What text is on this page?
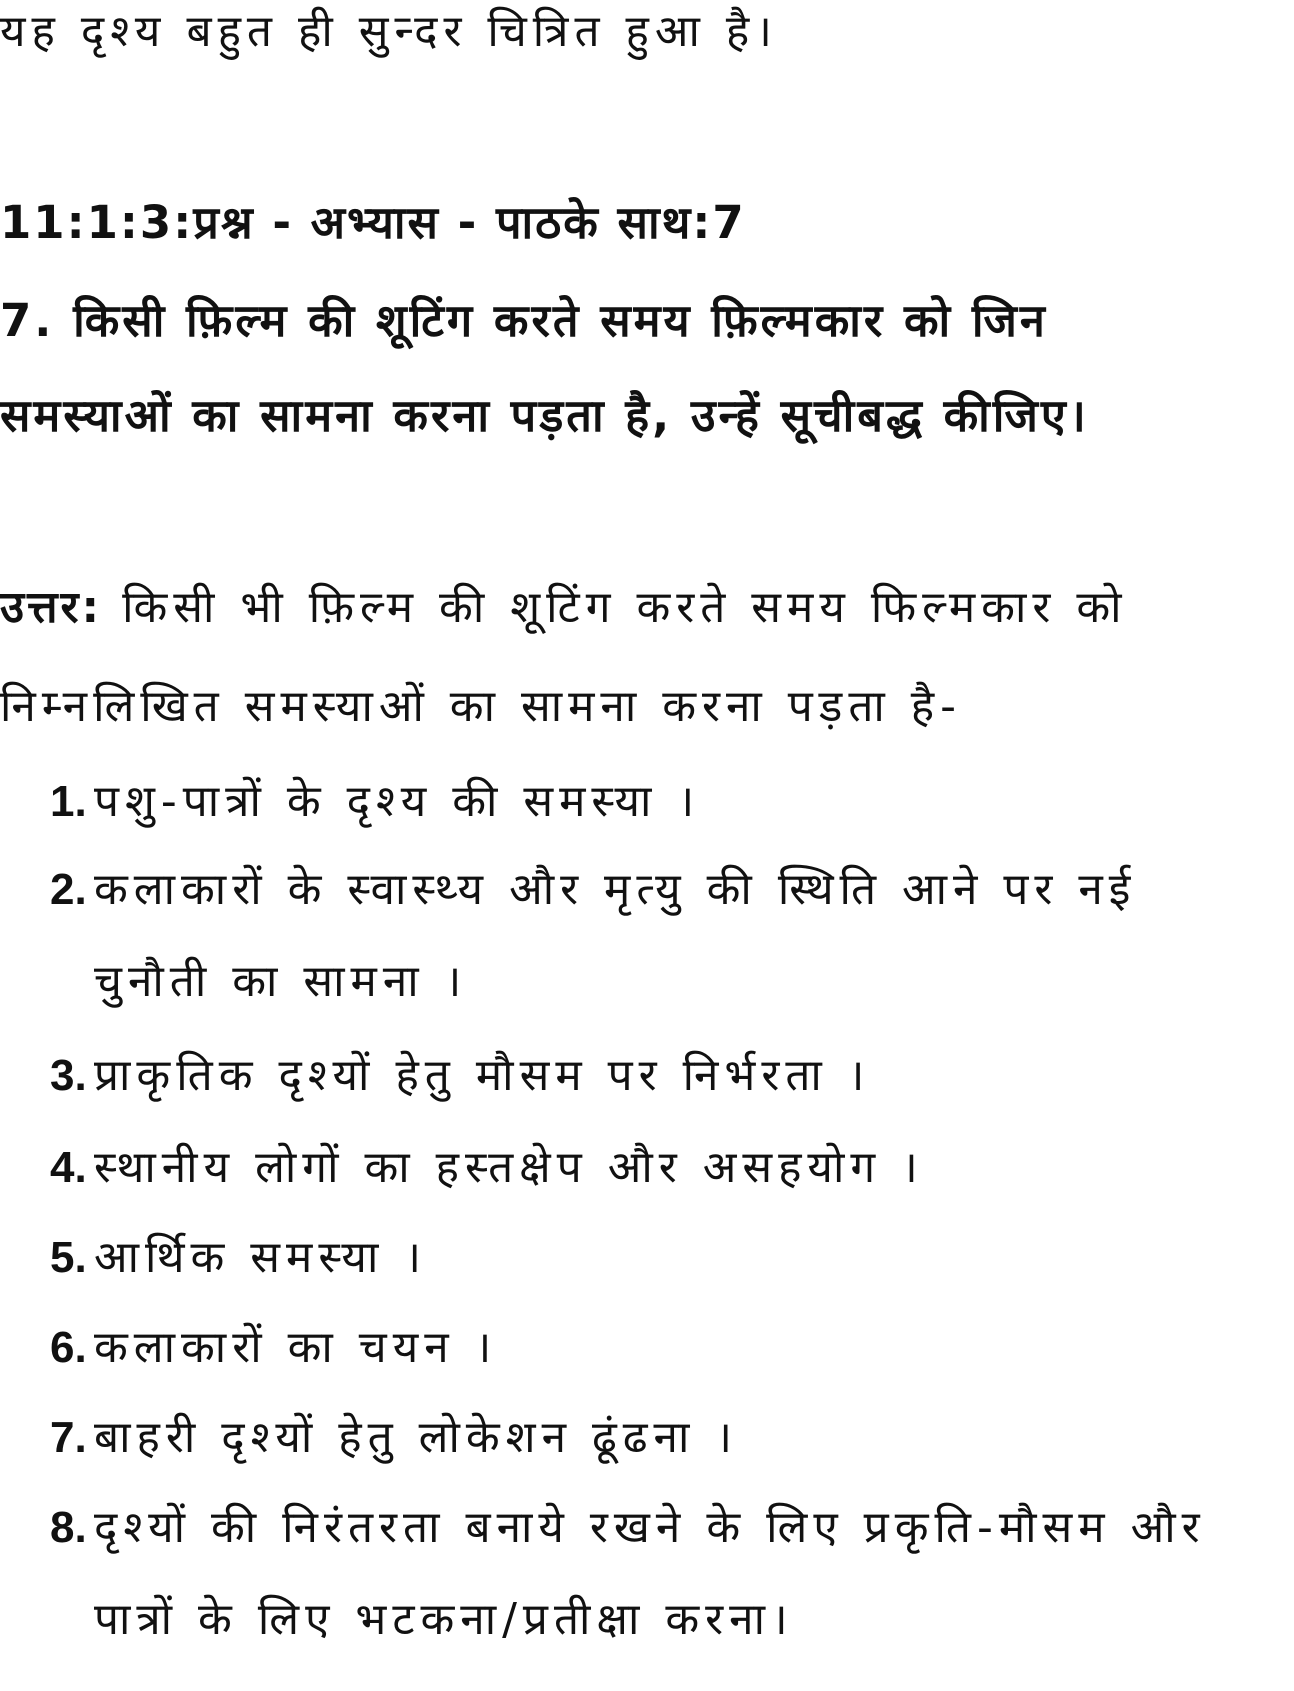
यह दृश्य बहुत ही सुन्दर चित्रित हुआ है।
11:1:3:प्रश्न - अभ्यास - पाठके साथ:7
7. किसी फ़िल्म की शूटिंग करते समय फ़िल्मकार को जिन
समस्याओं का सामना करना पड़ता है, उन्हें सूचीबद्ध कीजिए।
उत्तर: किसी भी फ़िल्म की शूटिंग करते समय फिल्मकार को
निम्नलिखित समस्याओं का सामना करना पड़ता है-
1. पशु-पात्रों के दृश्य की समस्या ।
2. कलाकारों के स्वास्थ्य और मृत्यु की स्थिति आने पर नई
चुनौती का सामना ।
3. प्राकृतिक दृश्यों हेतु मौसम पर निर्भरता ।
4. स्थानीय लोगों का हस्तक्षेप और असहयोग ।
5. आर्थिक समस्या ।
6. कलाकारों का चयन ।
7. बाहरी दृश्यों हेतु लोकेशन ढूंढना ।
8. दृश्यों की निरंतरता बनाये रखने के लिए प्रकृति-मौसम और
पात्रों के लिए भटकना/प्रतीक्षा करना।
